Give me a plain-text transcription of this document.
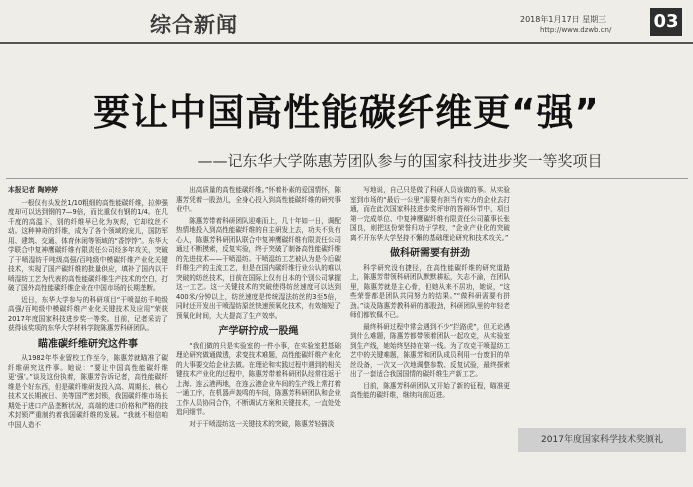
综合新闻	2018年1月17日 星期三
http://www.dzwb.cn/ 03
要让中国高性能碳纤维更“强”
——记东华大学陈惠芳团队参与的国家科技进步奖一等奖项目
本报记者 陶婷婷

一根仅有头发丝1/10粗细的高性能碳纤维，拉伸强度却可以达到钢的7—9倍，而比重仅有钢的1/4。在几千度的高温下，别的纤维早已化为灰烬，它却纹丝不动。这种神奇的纤维，成为了各个领域的宠儿，国防军用、建筑、交通、体育休闲等领域的“香饽饽”。东华大学联合中复神鹰碳纤维有限责任公司经多年攻关，突破了干喷湿纺千吨级高强/百吨级中模碳纤维产业化关键技术，实现了国产碳纤维的批量供应，填补了国内以干喷湿纺工艺为代表的高性能碳纤维生产技术的空白，打破了国外高性能碳纤维企业在中国市场的长期垄断。

近日，东华大学参与的科研项目“干喷湿纺千吨级高强/百吨级中模碳纤维产业化关键技术及应用”荣获2017年度国家科技进步奖一等奖。目前，记者采访了获得该奖项的东华大学材料学院陈惠芳科研团队。

瞄准碳纤维研究这件事

从1982年毕业留校工作至今，陈惠芳就瞄准了碳纤维研究这件事。她说：“要让中国高性能碳纤维更‘强’。”谈及这份执着，陈惠芳告诉记者，高性能碳纤维是个好东西，但是碳纤维研发投入高、周期长、核心技术又长期被日、美等国严密封锁，我国碳纤维市场长期处于进口产品垄断状况，高端的进口价格和严格的技术封锁严重制约着我国碳纤维的发展。“我就不相信咱中国人造不

出高质量的高性能碳纤维。”怀着朴素的爱国情怀，陈惠芳凭着一股劲儿，全身心投入到高性能碳纤维的研究事业中。

陈惠芳带着科研团队迎难而上，几十年如一日，调配热情地投入到高性能碳纤维的自主研发上去，功夫不负有心人，陈惠芳科研团队联合中复神鹰碳纤维有限责任公司通过不断摸索，反复实验，终于突破了制备高性能碳纤维的先进技术——干喷湿纺。干喷湿纺工艺被认为是今后碳纤维生产的主流工艺，但是在国内碳纤维行业公认的难以突破的纺丝技术，目前在国际上仅有日本的个别公司掌握这一工艺。这一关键技术的突破使得纺丝速度可以达到400米/分钟以上，纺丝速度是传统湿法纺丝的3至5倍，同时还开发出干喷湿纺原丝快速预氧化技术，有效缩短了预氧化时间，大大提高了生产效率。

产学研拧成一股绳

“我们做的只是实验室的一件小事，在实验室把基础理论研究做通做透，求变技术难题，高性能碳纤维产业化的大事要交给企业去做。在理论和实践过程中遇到的相关键技术产业化的过程中，陈惠芳带着科研团队经常往返于上海、连云港两地，在连云港企业车间的生产线上常打着一通工序，在机器声轰鸣的车间，陈惠芳科研团队和企业工作人员协同合作，不断调试方案和关键技术，一直处处追问细节。

对于干喷湿纺这一关键技术的突破，陈惠芳轻描淡

写地说，自己只是做了科研人员该做的事。从实验室到市场的“最后一公里”需要有担当有实力的企业去打通，而在此次国家科技进步奖评审的答辩环节中，项目第一完成单位、中复神鹰碳纤维有限责任公司董事长张国良，则把这份荣誉归功于学校，“企业产业化的突破离不开东华大学坚持不懈的基础理论研究和技术攻关。”

做科研需要有拼劲

科学研究没有捷径，在高性能碳纤维的研究道路上，陈惠芳带领科研团队默默耕耘，矢志不渝，在团队里，陈惠芳就是主心骨，但她从来不居功，她说，“这些荣誉都是团队共同努力的结果。”“做科研需要有拼劲。”谈及陈惠芳教科研的那股劲，科研团队里的年轻老师们都钦佩不已。

最终科研过程中常会遇到不少“拦路虎”，但无论遇到什么难题，陈惠芳都带领着团队一起攻克，从实验室到生产线，她始终坚持在第一线。为了攻克干喷湿纺工艺中的关键难题，陈惠芳和团队成员利用一台废旧的单丝设备，一次又一次地调整参数、反复试验，最终探索出了一套适合我国国情的碳纤维生产新工艺。

目前，陈惠芳科研团队又开始了新的征程，瞄准更高性能的碳纤维，继续向前迈进。

2017年度国家科学技术奖颁礼
